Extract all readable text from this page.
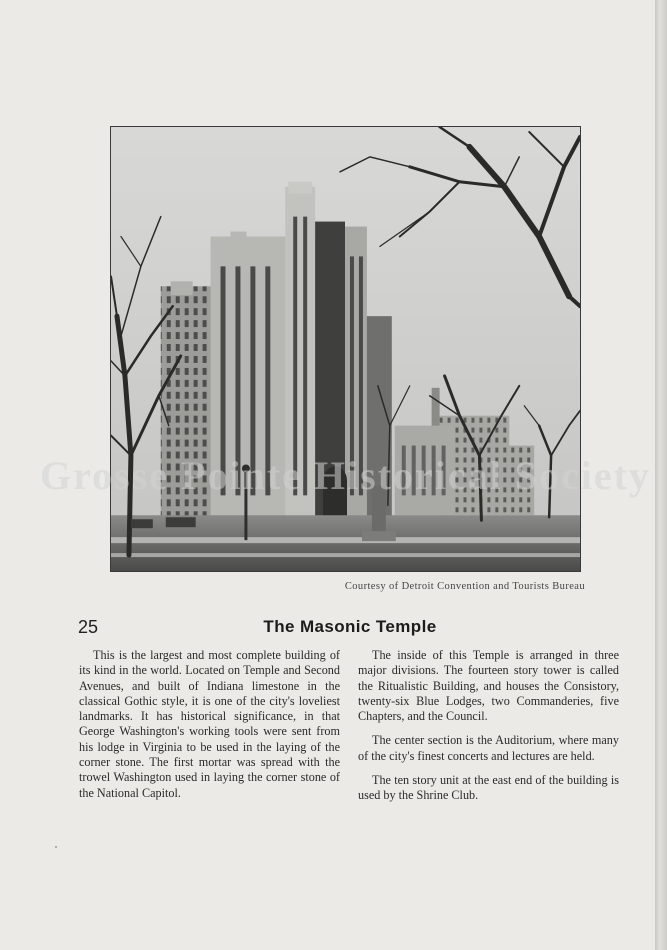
Courtesy of Detroit Convention and Tourists Bureau
Grosse Pointe Historical Society
25	The Masonic Temple

This is the largest and most complete building of its kind in the world. Located on Temple and Second Avenues, and built of Indiana limestone in the classical Gothic style, it is one of the city's loveliest landmarks. It has historical significance, in that George Washington's working tools were sent from his lodge in Virginia to be used in the laying of the corner stone. The first mortar was spread with the trowel Washington used in laying the corner stone of the National Capitol.

The inside of this Temple is arranged in three major divisions. The fourteen story tower is called the Ritualistic Building, and houses the Consistory, twenty-six Blue Lodges, two Commanderies, five Chapters, and the Council.

The center section is the Auditorium, where many of the city's finest concerts and lectures are held.

The ten story unit at the east end of the building is used by the Shrine Club.
